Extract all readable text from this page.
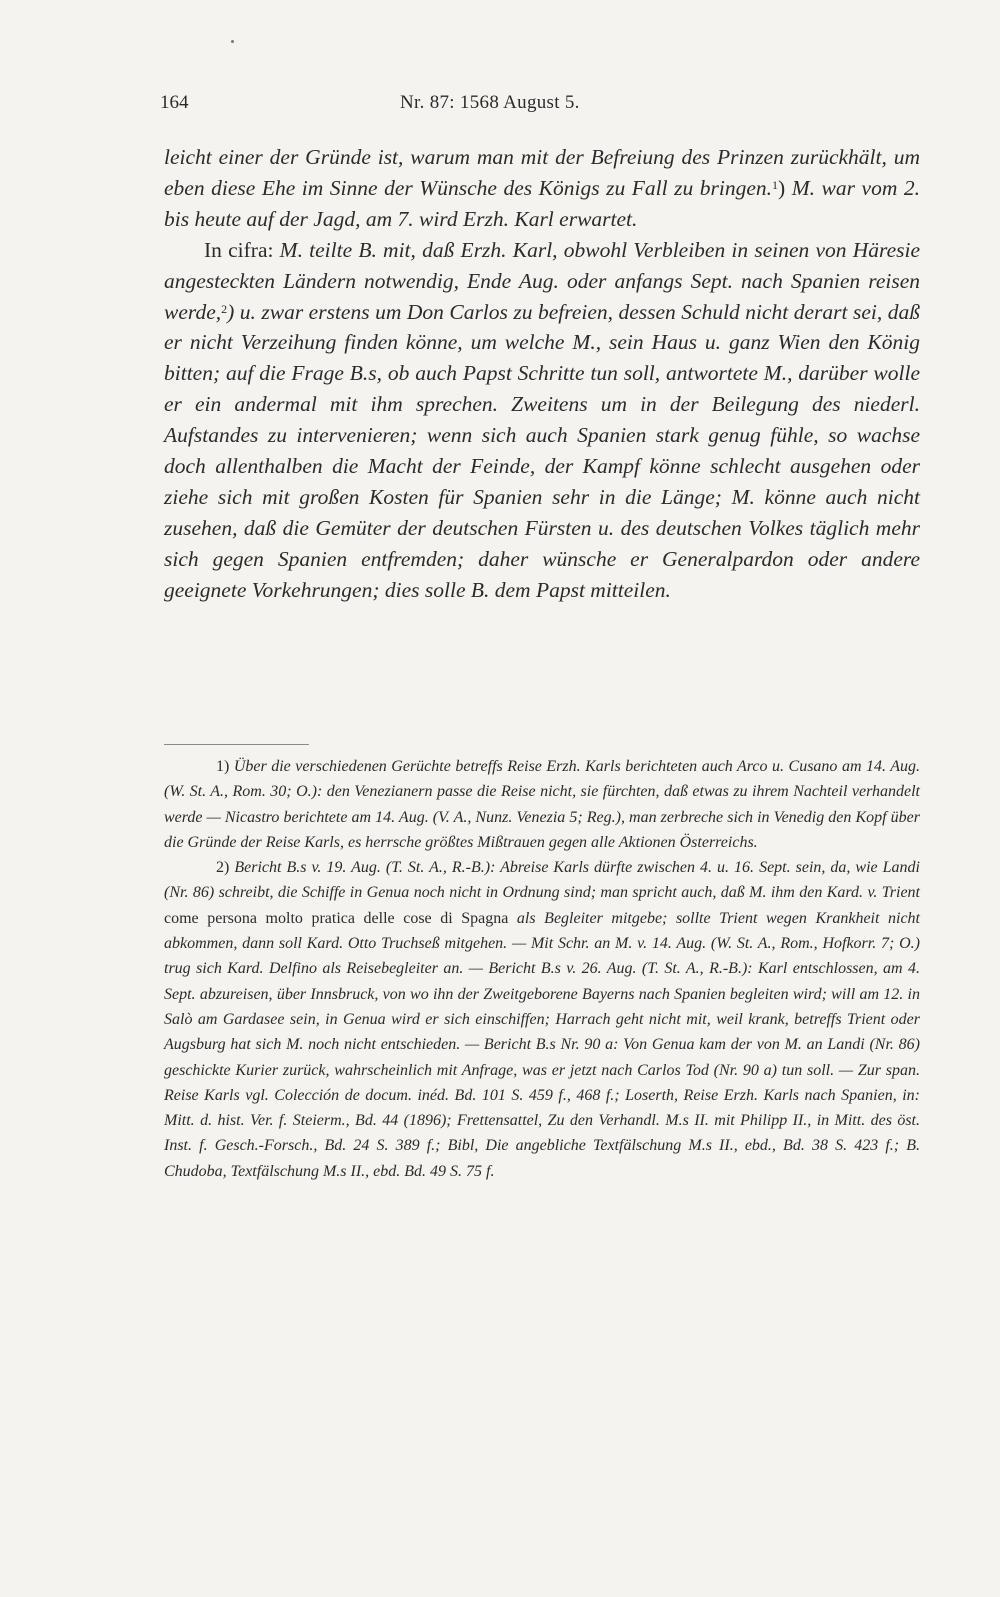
164	Nr. 87: 1568 August 5.

leicht einer der Gründe ist, warum man mit der Befreiung des Prinzen zurückhält, um eben diese Ehe im Sinne der Wünsche des Königs zu Fall zu bringen.$^1$) M. war vom 2. bis heute auf der Jagd, am 7. wird Erzh. Karl erwartet.

In cifra: M. teilte B. mit, daß Erzh. Karl, obwohl Verbleiben in seinen von Häresie angesteckten Ländern notwendig, Ende Aug. oder anfangs Sept. nach Spanien reisen werde,$^2$) u. zwar erstens um Don Carlos zu befreien, dessen Schuld nicht derart sei, daß er nicht Verzeihung finden könne, um welche M., sein Haus u. ganz Wien den König bitten; auf die Frage B.s, ob auch Papst Schritte tun soll, antwortete M., darüber wolle er ein andermal mit ihm sprechen. Zweitens um in der Beilegung des niederl. Aufstandes zu intervenieren; wenn sich auch Spanien stark genug fühle, so wachse doch allenthalben die Macht der Feinde, der Kampf könne schlecht ausgehen oder ziehe sich mit großen Kosten für Spanien sehr in die Länge; M. könne auch nicht zusehen, daß die Gemüter der deutschen Fürsten u. des deutschen Volkes täglich mehr sich gegen Spanien entfremden; daher wünsche er Generalpardon oder andere geeignete Vorkehrungen; dies solle B. dem Papst mitteilen.

1) Über die verschiedenen Gerüchte betreffs Reise Erzh. Karls berichteten auch Arco u. Cusano am 14. Aug. (W. St. A., Rom. 30; O.): den Venezianern passe die Reise nicht, sie fürchten, daß etwas zu ihrem Nachteil verhandelt werde — Nicastro berichtete am 14. Aug. (V. A., Nunz. Venezia 5; Reg.), man zerbreche sich in Venedig den Kopf über die Gründe der Reise Karls, es herrsche größtes Mißtrauen gegen alle Aktionen Österreichs.

2) Bericht B.s v. 19. Aug. (T. St. A., R.-B.): Abreise Karls dürfte zwischen 4. u. 16. Sept. sein, da, wie Landi (Nr. 86) schreibt, die Schiffe in Genua noch nicht in Ordnung sind; man spricht auch, daß M. ihm den Kard. v. Trient come persona molto pratica delle cose di Spagna als Begleiter mitgebe; sollte Trient wegen Krankheit nicht abkommen, dann soll Kard. Otto Truchseß mitgehen. — Mit Schr. an M. v. 14. Aug. (W. St. A., Rom., Hofkorr. 7; O.) trug sich Kard. Delfino als Reisebegleiter an. — Bericht B.s v. 26. Aug. (T. St. A., R.-B.): Karl entschlossen, am 4. Sept. abzureisen, über Innsbruck, von wo ihn der Zweitgeborene Bayerns nach Spanien begleiten wird; will am 12. in Salò am Gardasee sein, in Genua wird er sich einschiffen; Harrach geht nicht mit, weil krank, betreffs Trient oder Augsburg hat sich M. noch nicht entschieden. — Bericht B.s Nr. 90 a: Von Genua kam der von M. an Landi (Nr. 86) geschickte Kurier zurück, wahrscheinlich mit Anfrage, was er jetzt nach Carlos Tod (Nr. 90 a) tun soll. — Zur span. Reise Karls vgl. Colección de docum. inéd. Bd. 101 S. 459 f., 468 f.; Loserth, Reise Erzh. Karls nach Spanien, in: Mitt. d. hist. Ver. f. Steierm., Bd. 44 (1896); Frettensattel, Zu den Verhandl. M.s II. mit Philipp II., in Mitt. des öst. Inst. f. Gesch.-Forsch., Bd. 24 S. 389 f.; Bibl, Die angebliche Textfälschung M.s II., ebd., Bd. 38 S. 423 f.; B. Chudoba, Textfälschung M.s II., ebd. Bd. 49 S. 75 f.
